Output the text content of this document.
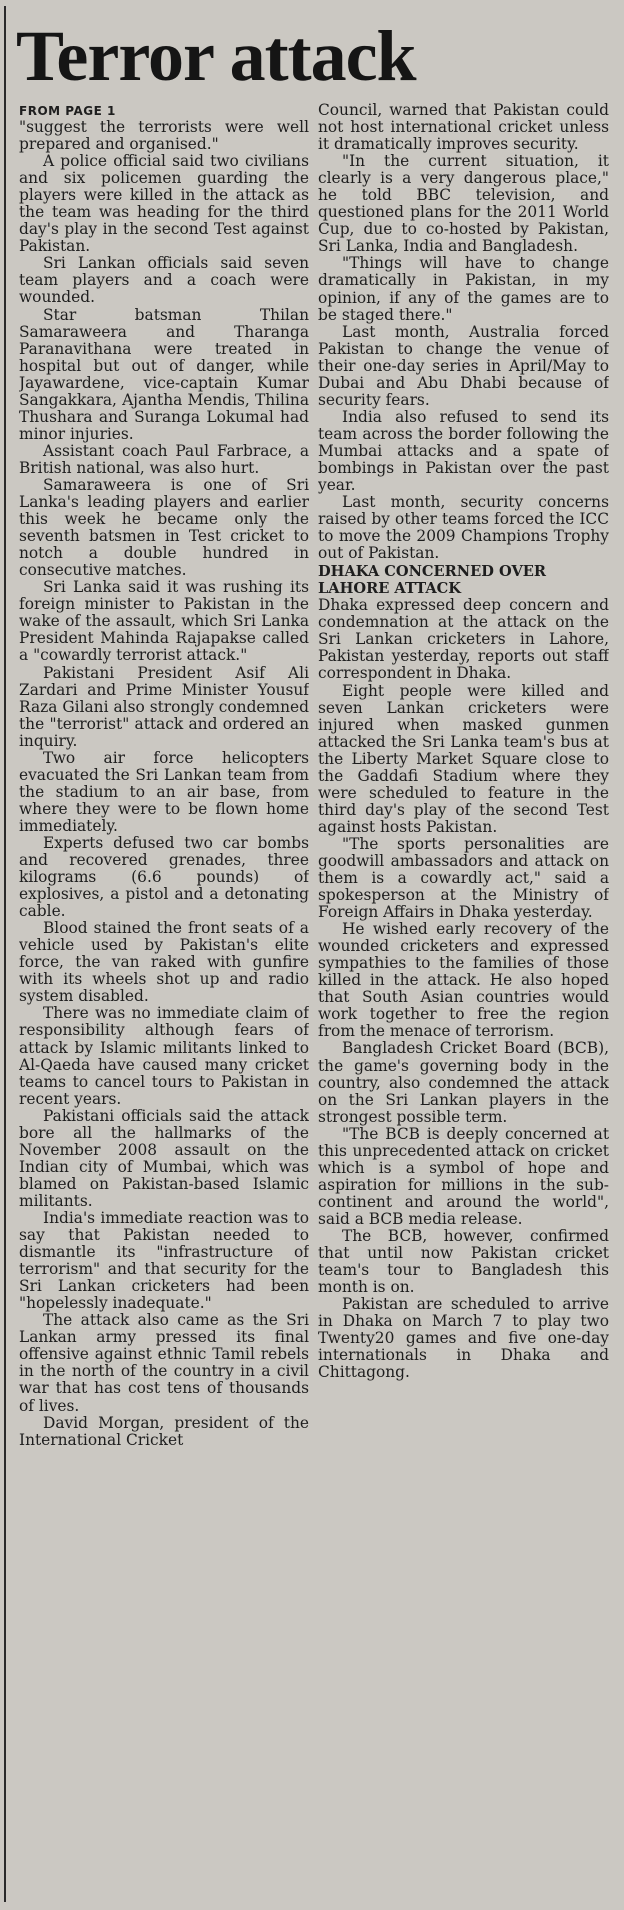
Terror attack
FROM PAGE 1

"suggest the terrorists were well prepared and organised."

A police official said two civilians and six policemen guarding the players were killed in the attack as the team was heading for the third day's play in the second Test against Pakistan.

Sri Lankan officials said seven team players and a coach were wounded.

Star batsman Thilan Samaraweera and Tharanga Paranavithana were treated in hospital but out of danger, while Jayawardene, vice-captain Kumar Sangakkara, Ajantha Mendis, Thilina Thushara and Suranga Lokumal had minor injuries.

Assistant coach Paul Farbrace, a British national, was also hurt.

Samaraweera is one of Sri Lanka's leading players and earlier this week he became only the seventh batsmen in Test cricket to notch a double hundred in consecutive matches.

Sri Lanka said it was rushing its foreign minister to Pakistan in the wake of the assault, which Sri Lanka President Mahinda Rajapakse called a "cowardly terrorist attack."

Pakistani President Asif Ali Zardari and Prime Minister Yousuf Raza Gilani also strongly condemned the "terrorist" attack and ordered an inquiry.

Two air force helicopters evacuated the Sri Lankan team from the stadium to an air base, from where they were to be flown home immediately.

Experts defused two car bombs and recovered grenades, three kilograms (6.6 pounds) of explosives, a pistol and a detonating cable.

Blood stained the front seats of a vehicle used by Pakistan's elite force, the van raked with gunfire with its wheels shot up and radio system disabled.

There was no immediate claim of responsibility although fears of attack by Islamic militants linked to Al-Qaeda have caused many cricket teams to cancel tours to Pakistan in recent years.

Pakistani officials said the attack bore all the hallmarks of the November 2008 assault on the Indian city of Mumbai, which was blamed on Pakistan-based Islamic militants.

India's immediate reaction was to say that Pakistan needed to dismantle its "infrastructure of terrorism" and that security for the Sri Lankan cricketers had been "hopelessly inadequate."

The attack also came as the Sri Lankan army pressed its final offensive against ethnic Tamil rebels in the north of the country in a civil war that has cost tens of thousands of lives.

David Morgan, president of the International Cricket

Council, warned that Pakistan could not host international cricket unless it dramatically improves security.

"In the current situation, it clearly is a very dangerous place," he told BBC television, and questioned plans for the 2011 World Cup, due to co-hosted by Pakistan, Sri Lanka, India and Bangladesh.

"Things will have to change dramatically in Pakistan, in my opinion, if any of the games are to be staged there."

Last month, Australia forced Pakistan to change the venue of their one-day series in April/May to Dubai and Abu Dhabi because of security fears.

India also refused to send its team across the border following the Mumbai attacks and a spate of bombings in Pakistan over the past year.

Last month, security concerns raised by other teams forced the ICC to move the 2009 Champions Trophy out of Pakistan.

DHAKA CONCERNED OVER LAHORE ATTACK

Dhaka expressed deep concern and condemnation at the attack on the Sri Lankan cricketers in Lahore, Pakistan yesterday, reports out staff correspondent in Dhaka.

Eight people were killed and seven Lankan cricketers were injured when masked gunmen attacked the Sri Lanka team's bus at the Liberty Market Square close to the Gaddafi Stadium where they were scheduled to feature in the third day's play of the second Test against hosts Pakistan.

"The sports personalities are goodwill ambassadors and attack on them is a cowardly act," said a spokesperson at the Ministry of Foreign Affairs in Dhaka yesterday.

He wished early recovery of the wounded cricketers and expressed sympathies to the families of those killed in the attack. He also hoped that South Asian countries would work together to free the region from the menace of terrorism.

Bangladesh Cricket Board (BCB), the game's governing body in the country, also condemned the attack on the Sri Lankan players in the strongest possible term.

"The BCB is deeply concerned at this unprecedented attack on cricket which is a symbol of hope and aspiration for millions in the sub-continent and around the world", said a BCB media release.

The BCB, however, confirmed that until now Pakistan cricket team's tour to Bangladesh this month is on.

Pakistan are scheduled to arrive in Dhaka on March 7 to play two Twenty20 games and five one-day internationals in Dhaka and Chittagong.
